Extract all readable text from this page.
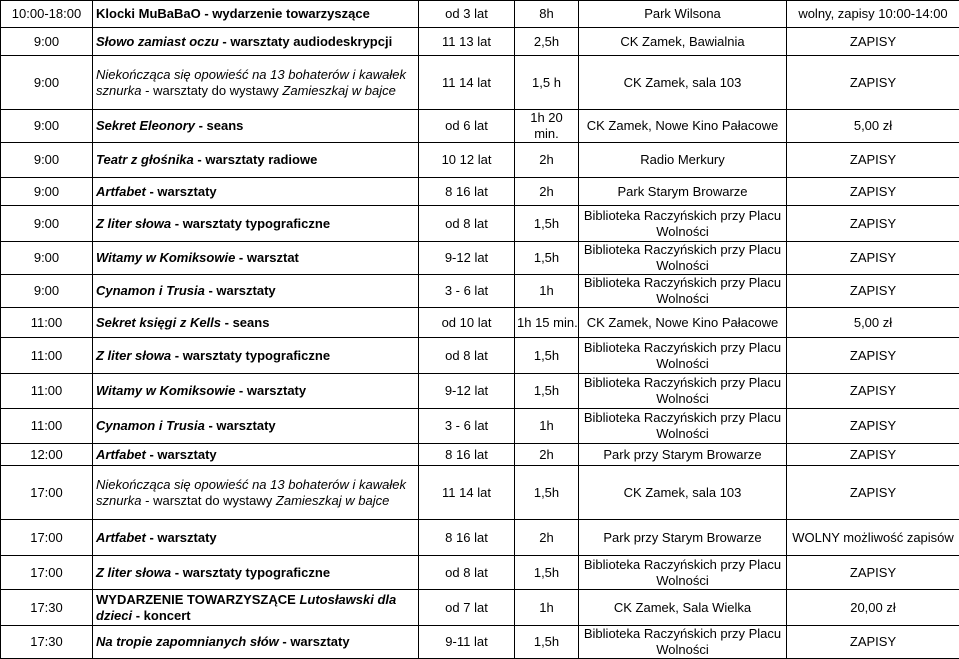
10:00-18:00	Klocki MuBaBaO - wydarzenie towarzyszące	od 3 lat	8h	Park Wilsona	wolny, zapisy 10:00-14:00
9:00	Słowo zamiast oczu - warsztaty audiodeskrypcji	11 13 lat	2,5h	CK Zamek, Bawialnia	ZAPISY
9:00	Niekończąca się opowieść na 13 bohaterów i kawałek sznurka - warsztaty do wystawy Zamieszkaj w bajce	11 14 lat	1,5 h	CK Zamek, sala 103	ZAPISY
9:00	Sekret Eleonory - seans	od 6 lat	1h 20 min.	CK Zamek, Nowe Kino Pałacowe	5,00 zł
9:00	Teatr z głośnika - warsztaty radiowe	10 12 lat	2h	Radio Merkury	ZAPISY
9:00	Artfabet - warsztaty	8 16 lat	2h	Park Starym Browarze	ZAPISY
9:00	Z liter słowa - warsztaty typograficzne	od 8 lat	1,5h	Biblioteka Raczyńskich przy Placu Wolności	ZAPISY
9:00	Witamy w Komiksowie - warsztat	9-12 lat	1,5h	Biblioteka Raczyńskich przy Placu Wolności	ZAPISY
9:00	Cynamon i Trusia - warsztaty	3 - 6 lat	1h	Biblioteka Raczyńskich przy Placu Wolności	ZAPISY
11:00	Sekret księgi z Kells - seans	od 10 lat	1h 15 min.	CK Zamek, Nowe Kino Pałacowe	5,00 zł
11:00	Z liter słowa - warsztaty typograficzne	od 8 lat	1,5h	Biblioteka Raczyńskich przy Placu Wolności	ZAPISY
11:00	Witamy w Komiksowie - warsztaty	9-12 lat	1,5h	Biblioteka Raczyńskich przy Placu Wolności	ZAPISY
11:00	Cynamon i Trusia - warsztaty	3 - 6 lat	1h	Biblioteka Raczyńskich przy Placu Wolności	ZAPISY
12:00	Artfabet - warsztaty	8 16 lat	2h	Park przy Starym Browarze	ZAPISY
17:00	Niekończąca się opowieść na 13 bohaterów i kawałek sznurka - warsztat do wystawy Zamieszkaj w bajce	11 14 lat	1,5h	CK Zamek, sala 103	ZAPISY
17:00	Artfabet - warsztaty	8 16 lat	2h	Park przy Starym Browarze	WOLNY możliwość zapisów
17:00	Z liter słowa - warsztaty typograficzne	od 8 lat	1,5h	Biblioteka Raczyńskich przy Placu Wolności	ZAPISY
17:30	WYDARZENIE TOWARZYSZĄCE Lutosławski dla dzieci - koncert	od 7 lat	1h	CK Zamek, Sala Wielka	20,00 zł
17:30	Na tropie zapomnianych słów - warsztaty	9-11 lat	1,5h	Biblioteka Raczyńskich przy Placu Wolności	ZAPISY
